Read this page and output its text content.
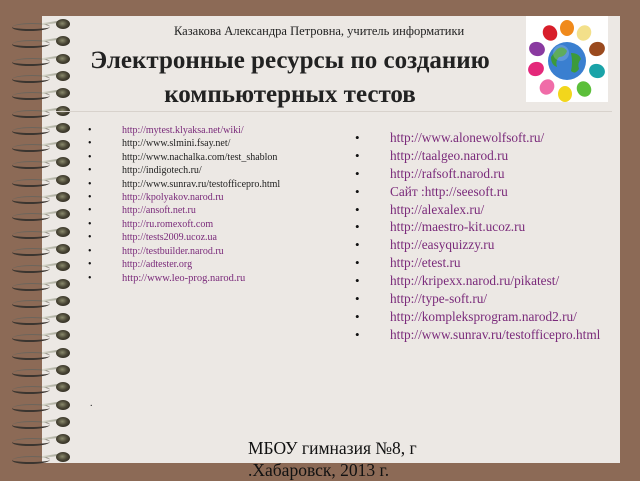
Казакова Александра Петровна, учитель информатики
Электронные ресурсы по созданию компьютерных тестов
•	http://mytest.klyaksa.net/wiki/
•	http://www.slmini.fsay.net/
•	http://www.nachalka.com/test_shablon
•	http://indigotech.ru/
•	http://www.sunrav.ru/testofficepro.html
•	http://kpolyakov.narod.ru
•	http://ansoft.net.ru
•	http://ru.romexoft.com
•	http://tests2009.ucoz.ua
•	http://testbuilder.narod.ru
•	http://adtester.org
•	http://www.leo-prog.narod.ru
• http://www.alonewolfsoft.ru/
• http://taalgeo.narod.ru
• http://rafsoft.narod.ru
• Сайт :http://seesoft.ru
• http://alexalex.ru/
• http://maestro-kit.ucoz.ru
• http://easyquizzy.ru
• http://etest.ru
• http://kripexx.narod.ru/pikatest/
• http://type-soft.ru/
• http://kompleksprogram.narod2.ru/
• http://www.sunrav.ru/testofficepro.html
.
МБОУ гимназия №8, г
.Хабаровск, 2013 г.
